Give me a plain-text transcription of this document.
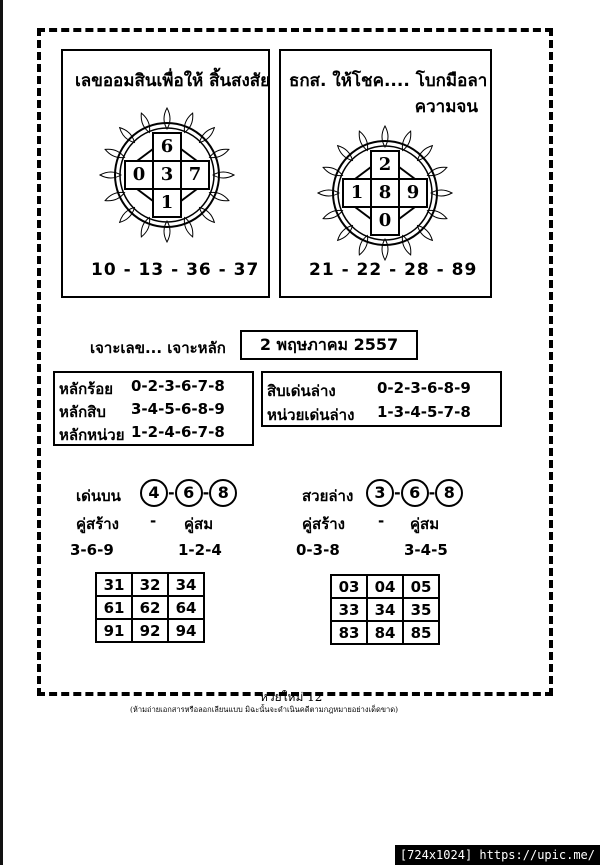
เลขออมสินเพื่อให้ สิ้นสงสัย
6
0 3 7
1
10 - 13 - 36 - 37
ธกส. ให้โชค.... โบกมือลา
ความจน
2
1 8 9
0
21 - 22 - 28 - 89
เจาะเลข... เจาะหลัก	2 พฤษภาคม 2557
หลักร้อย 0-2-3-6-7-8
หลักสิบ 3-4-5-6-8-9
หลักหน่วย 1-2-4-6-7-8
สิบเด่นล่าง	0-2-3-6-8-9
หน่วยเด่นล่าง 1-3-4-5-7-8
เด่นบน	4 - 6 - 8
คู่สร้าง - คู่สม
3-6-9	1-2-4
31	32	34
61	62	64
91	92	94
สวยล่าง	3 - 6 - 8
คู่สร้าง - คู่สม
0-3-8	3-4-5
03	04	05
33	34	35
83	84	85
หวยใหม่ 12
(ห้ามถ่ายเอกสารหรือลอกเลียนแบบ มิฉะนั้นจะดำเนินคดีตามกฎหมายอย่างเด็ดขาด)
[724x1024] https://upic.me/
